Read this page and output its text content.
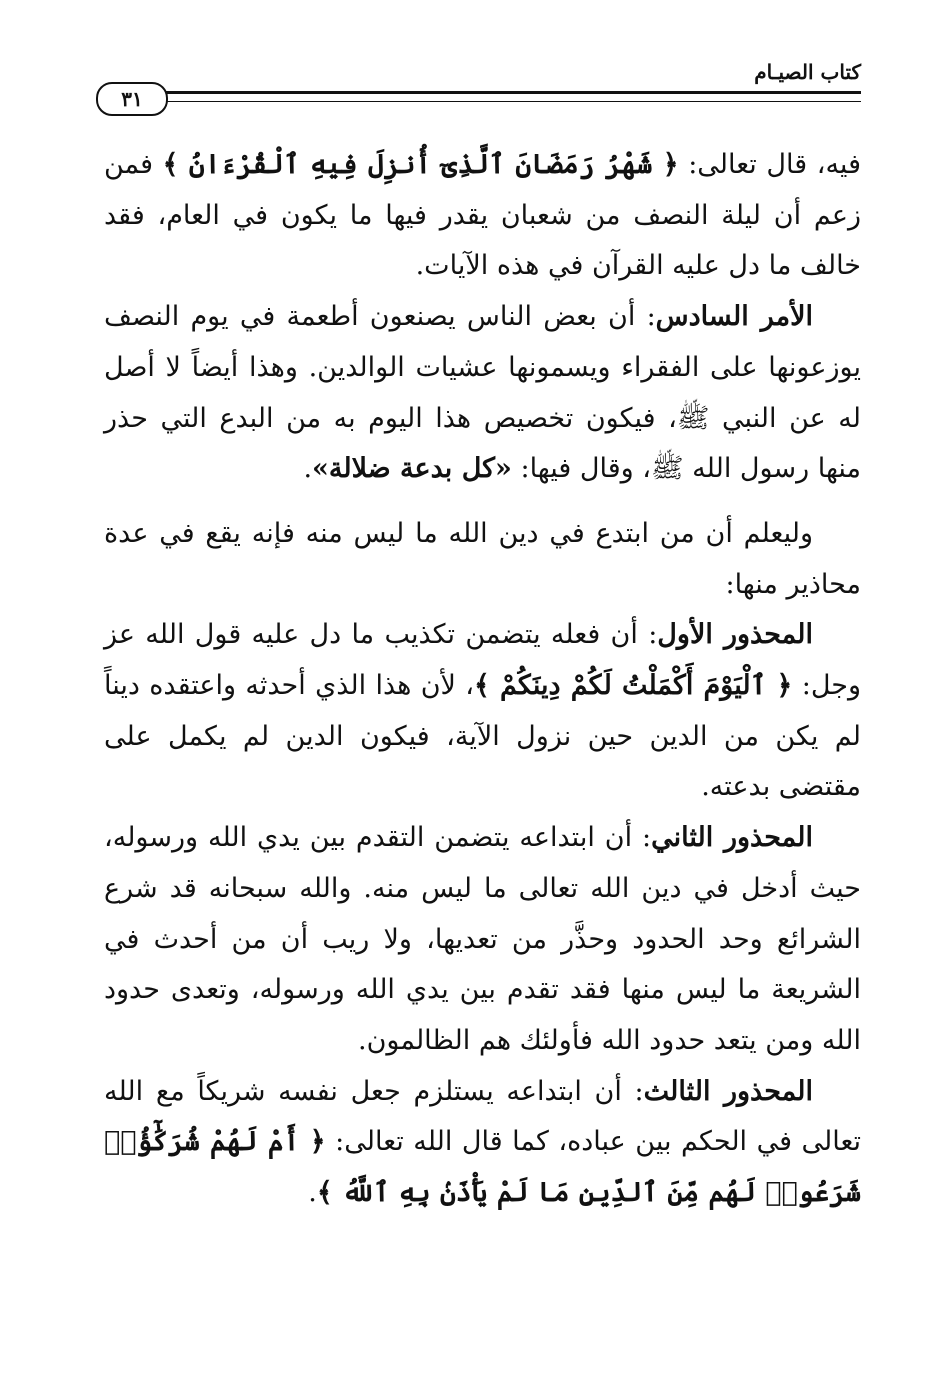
كتاب الصيـام
٣١

فيه، قال تعالى: ﴿ شَهْرُ رَمَضَانَ ٱلَّذِىٓ أُنزِلَ فِيهِ ٱلْقُرْءَانُ ﴾ فمن زعم أن ليلة النصف من شعبان يقدر فيها ما يكون في العام، فقد خالف ما دل عليه القرآن في هذه الآيات.

الأمر السادس: أن بعض الناس يصنعون أطعمة في يوم النصف يوزعونها على الفقراء ويسمونها عشيات الوالدين. وهذا أيضاً لا أصل له عن النبي ﷺ، فيكون تخصيص هذا اليوم به من البدع التي حذر منها رسول الله ﷺ، وقال فيها: «كل بدعة ضلالة».

وليعلم أن من ابتدع في دين الله ما ليس منه فإنه يقع في عدة محاذير منها:

المحذور الأول: أن فعله يتضمن تكذيب ما دل عليه قول الله عز وجل: ﴿ ٱلْيَوْمَ أَكْمَلْتُ لَكُمْ دِينَكُمْ ﴾، لأن هذا الذي أحدثه واعتقده ديناً لم يكن من الدين حين نزول الآية، فيكون الدين لم يكمل على مقتضى بدعته.

المحذور الثاني: أن ابتداعه يتضمن التقدم بين يدي الله ورسوله، حيث أدخل في دين الله تعالى ما ليس منه. والله سبحانه قد شرع الشرائع وحد الحدود وحذَّر من تعديها، ولا ريب أن من أحدث في الشريعة ما ليس منها فقد تقدم بين يدي الله ورسوله، وتعدى حدود الله ومن يتعد حدود الله فأولئك هم الظالمون.

المحذور الثالث: أن ابتداعه يستلزم جعل نفسه شريكاً مع الله تعالى في الحكم بين عباده، كما قال الله تعالى: ﴿ أَمْ لَهُمْ شُرَكَٰٓؤُا۟ شَرَعُوا۟ لَهُم مِّنَ ٱلدِّينِ مَا لَمْ يَأْذَنۢ بِهِ ٱللَّهُ ﴾.
